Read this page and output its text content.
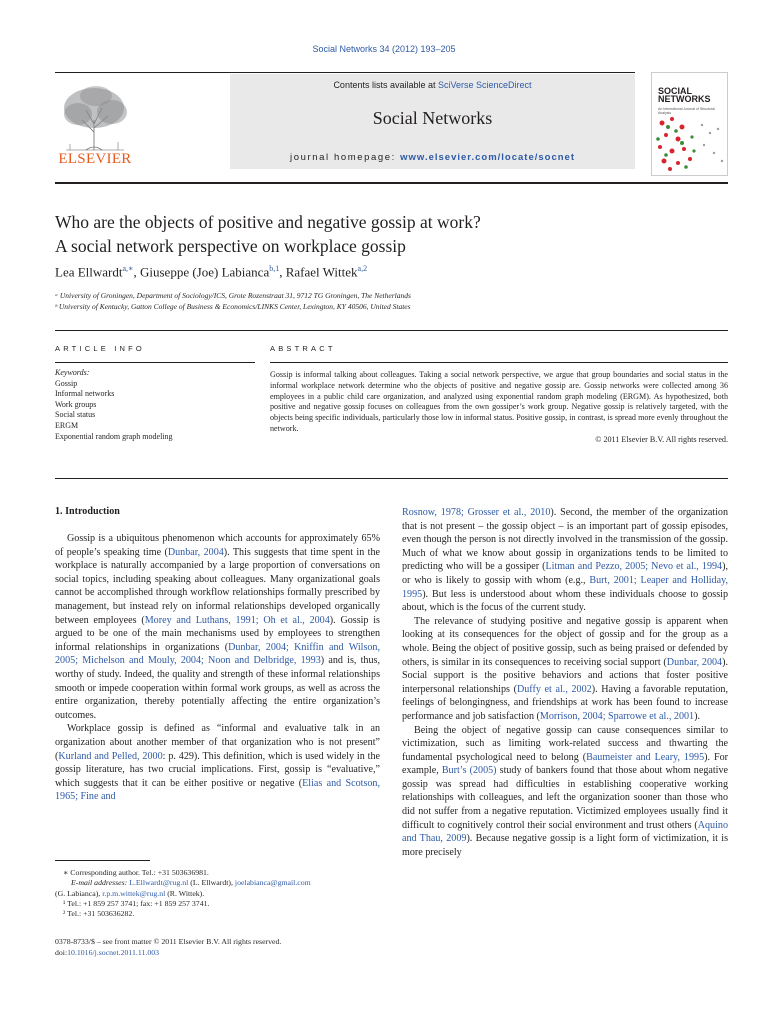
Social Networks 34 (2012) 193–205
Contents lists available at SciVerse ScienceDirect
Social Networks
journal homepage: www.elsevier.com/locate/socnet
ELSEVIER
SOCIAL
NETWORKS
An International Journal of Structural Analysis
Who are the objects of positive and negative gossip at work?
A social network perspective on workplace gossip
Lea Ellwardt$^{a,∗}$, Giuseppe (Joe) Labianca$^{b,1}$, Rafael Wittek$^{a,2}$
ᵃ University of Groningen, Department of Sociology/ICS, Grote Rozenstraat 31, 9712 TG Groningen, The Netherlands
ᵇ University of Kentucky, Gatton College of Business & Economics/LINKS Center, Lexington, KY 40506, United States
ARTICLE INFO
Keywords:
Gossip
Informal networks
Work groups
Social status
ERGM
Exponential random graph modeling
ABSTRACT

Gossip is informal talking about colleagues. Taking a social network perspective, we argue that group boundaries and social status in the informal workplace network determine who the objects of positive and negative gossip are. Gossip networks were collected among 36 employees in a public child care organization, and analyzed using exponential random graph modeling (ERGM). As hypothesized, both positive and negative gossip focuses on colleagues from the own gossiper’s work group. Negative gossip is relatively targeted, with the objects being specific individuals, particularly those low in informal status. Positive gossip, in contrast, is spread more evenly throughout the network.

© 2011 Elsevier B.V. All rights reserved.

1. Introduction

Gossip is a ubiquitous phenomenon which accounts for approximately 65% of people’s speaking time (Dunbar, 2004). This suggests that time spent in the workplace is naturally accompanied by a large proportion of conversations on social topics, including speaking about colleagues. Many organizational goals cannot be accomplished through workflow relationships formally prescribed by management, but instead rely on informal relationships developed organically between employees (Morey and Luthans, 1991; Oh et al., 2004). Gossip is argued to be one of the main mechanisms used by employees to strengthen informal relationships in organizations (Dunbar, 2004; Kniffin and Wilson, 2005; Michelson and Mouly, 2004; Noon and Delbridge, 1993) and is, thus, worthy of study. Indeed, the quality and strength of these informal relationships smooth or impede cooperation within formal work groups, as well as across the entire organization, thereby potentially affecting the entire organization’s outcomes.

Workplace gossip is defined as “informal and evaluative talk in an organization about another member of that organization who is not present” (Kurland and Pelled, 2000: p. 429). This definition, which is used widely in the gossip literature, has two crucial implications. First, gossip is “evaluative,” which suggests that it can be either positive or negative (Elias and Scotson, 1965; Fine and

Rosnow, 1978; Grosser et al., 2010). Second, the member of the organization that is not present – the gossip object – is an important part of gossip episodes, even though the person is not directly involved in the transmission of the gossip. Much of what we know about gossip in organizations tends to be limited to predicting who will be a gossiper (Litman and Pezzo, 2005; Nevo et al., 1994), or who is likely to gossip with whom (e.g., Burt, 2001; Leaper and Holliday, 1995). But less is understood about whom these individuals choose to gossip about, which is the focus of the current study.

The relevance of studying positive and negative gossip is apparent when looking at its consequences for the object of gossip and for the group as a whole. Being the object of positive gossip, such as being praised or defended by others, is similar in its consequences to receiving social support (Dunbar, 2004). Social support is the positive behaviors and actions that foster positive interpersonal relationships (Duffy et al., 2002). Having a favorable reputation, feelings of belongingness, and friendships at work has been found to increase performance and job satisfaction (Morrison, 2004; Sparrowe et al., 2001).

Being the object of negative gossip can cause consequences similar to victimization, such as limiting work-related success and thwarting the fundamental psychological need to belong (Baumeister and Leary, 1995). For example, Burt’s (2005) study of bankers found that those about whom negative gossip was spread had difficulties in establishing cooperative working relationships with colleagues, and left the organization sooner than those who did not suffer from a negative reputation. Victimized employees usually find it difficult to cognitively control their social environment and trust others (Aquino and Thau, 2009). Because negative gossip is a light form of victimization, it is more precisely

∗ Corresponding author. Tel.: +31 503636981.
E-mail addresses: L.Ellwardt@rug.nl (L. Ellwardt), joelabianca@gmail.com
(G. Labianca), r.p.m.wittek@rug.nl (R. Wittek).
¹ Tel.: +1 859 257 3741; fax: +1 859 257 3741.
² Tel.: +31 503636282.
0378-8733/$ – see front matter © 2011 Elsevier B.V. All rights reserved.
doi:10.1016/j.socnet.2011.11.003
